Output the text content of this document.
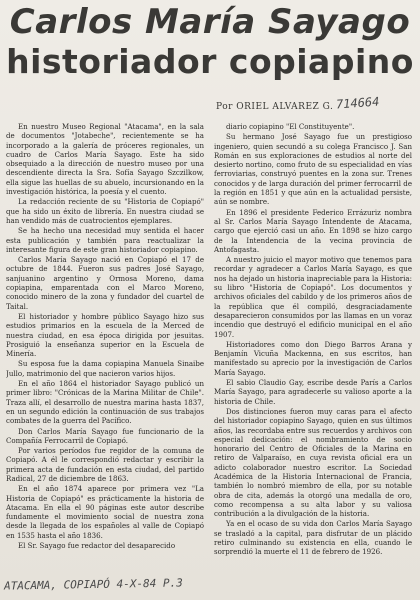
Carlos María Sayago
historiador copiapino
Por ORIEL ALVAREZ G. 714664

En nuestro Museo Regional "Atacama", en la sala de documentos "Jotabeche", recientemente se ha incorporado a la galería de próceres regionales, un cuadro de Carlos María Sayago. Este ha sido obsequiado a la dirección de nuestro museo por una descendiente directa la Sra. Sofía Sayago Szczilkow, ella sigue las huellas de su abuelo, incursionando en la investigación histórica, la poesía y el cuento.

La redacción reciente de su "Historia de Copiapó" que ha sido un éxito de librería. En nuestra ciudad se han vendido más de cuatrocientos ejemplares.

Se ha hecho una necesidad muy sentida el hacer esta publicación y también para reactualizar la interesante figura de este gran historiador copiapino.

Carlos María Sayago nació en Copiapó el 17 de octubre de 1844. Fueron sus padres José Sayago, sanjuanino argentino y Ormosa Moreno, dama copiapina, emparentada con el Marco Moreno, conocido minero de la zona y fundador del cuartel de Taital.

El historiador y hombre público Sayago hizo sus estudios primarios en la escuela de la Merced de nuestra ciudad, en esa época dirigida por jesuitas. Prosiguió la enseñanza superior en la Escuela de Minería.

Su esposa fue la dama copiapina Manuela Sinaibe Jullo, matrimonio del que nacieron varios hijos.

En el año 1864 el historiador Sayago publicó un primer libro: "Crónicas de la Marina Militar de Chile". Traza allí, el desarrollo de nuestra marina hasta 1837, en un segundo edición la continuación de sus trabajos combates de la guerra del Pacífico.

Don Carlos María Sayago fue funcionario de la Compañía Ferrocarril de Copiapó.

Por varios períodos fue regidor de la comuna de Copiapó. A él le correspondió redactar y escribir la primera acta de fundación en esta ciudad, del partido Radical, 27 de diciembre de 1863.

En el año 1874 aparece por primera vez "La Historia de Copiapó" es prácticamente la historia de Atacama. En ella el 90 páginas este autor describe fundamente el movimiento social de nuestra zona desde la llegada de los españoles al valle de Copiapó en 1535 hasta el año 1836.

El Sr. Sayago fue redactor del desaparecido

diario copiapino "El Constituyente".

Su hermano José Sayago fue un prestigioso ingeniero, quien secundó a su colega Francisco J. San Román en sus exploraciones de estudios al norte del desierto nortino, como fruto de su especialidad en vías ferroviarias, construyó puentes en la zona sur. Trenes conocidos y de larga duración del primer ferrocarril de la región en 1851 y que aún en la actualidad persiste, aún se nombre.

En 1896 el presidente Federico Errázuriz nombra al Sr. Carlos María Sayago Intendente de Atacama, cargo que ejerció casi un año. En 1898 se hizo cargo de la Intendencia de la vecina provincia de Antofagasta.

A nuestro juicio el mayor motivo que tenemos para recordar y agradecer a Carlos María Sayago, es que nos ha dejado un historia inapreciable para la Historia: su libro "Historia de Copiapó". Los documentos y archivos oficiales del cabildo y de los primeros años de la república que él compiló, desgraciadamente desaparecieron consumidos por las llamas en un voraz incendio que destruyó el edificio municipal en el año 1907.

Historiadores como don Diego Barros Arana y Benjamín Vicuña Mackenna, en sus escritos, han manifestado su aprecio por la investigación de Carlos María Sayago.

El sabio Claudio Gay, escribe desde París a Carlos María Sayago, para agradecerle su valioso aporte a la historia de Chile.

Dos distinciones fueron muy caras para el afecto del historiador copiapino Sayago, quien en sus últimos años, las recordaba entre sus recuerdos y archivos con especial dedicación: el nombramiento de socio honorario del Centro de Oficiales de la Marina en retiro de Valparaíso, en cuya revista oficial era un adicto colaborador nuestro escritor. La Sociedad Académica de la Historia Internacional de Francia, también lo nombró miembro de ella, por su notable obra de cita, además la otorgó una medalla de oro, como recompensa a su alta labor y su valiosa contribución a la divulgación de la historia.

Ya en el ocaso de su vida don Carlos María Sayago se trasladó a la capital, para disfrutar de un plácido retiro culminando su existencia en ella, cuando le sorprendió la muerte el 11 de febrero de 1926.

ATACAMA, COPIAPÓ 4-X-84 P.3
